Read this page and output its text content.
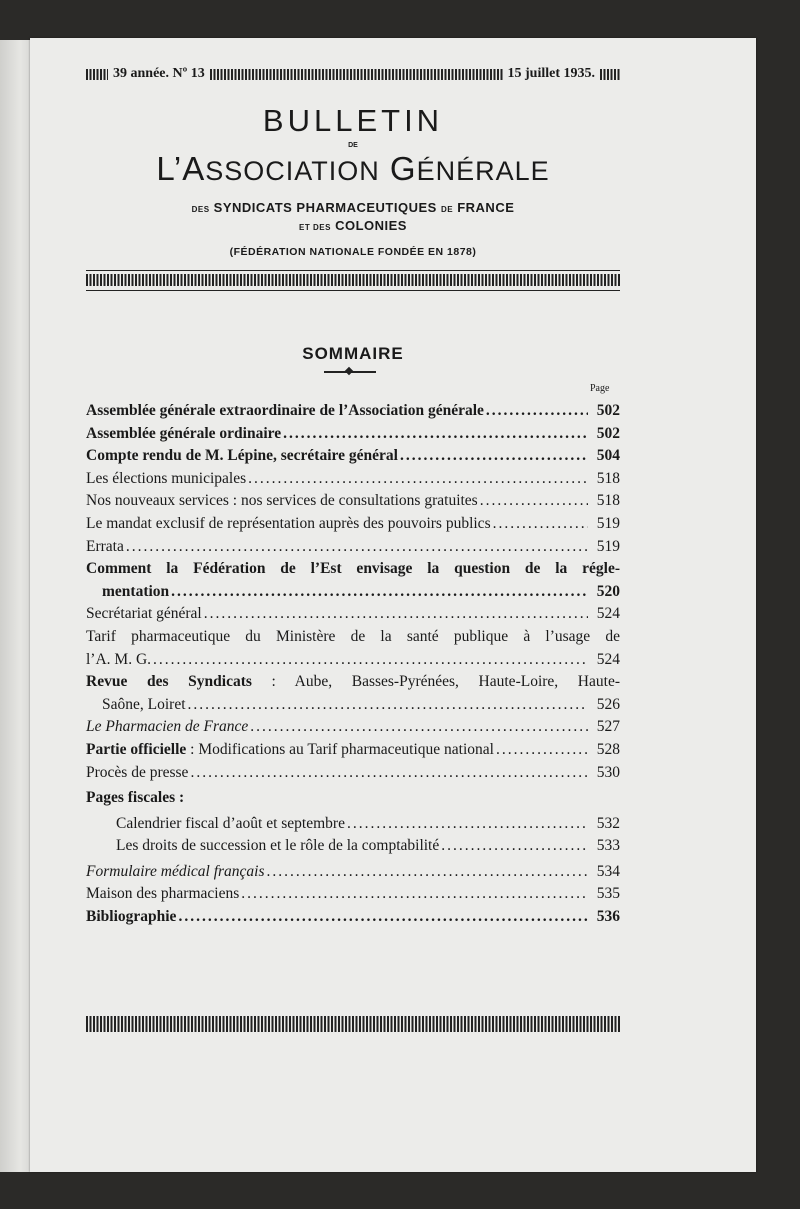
39 année. Nº 13	15 juillet 1935.
BULLETIN
DE
L’ASSOCIATION GÉNÉRALE
DES SYNDICATS PHARMACEUTIQUES DE FRANCE
ET DES COLONIES
(FÉDÉRATION NATIONALE FONDÉE EN 1878)
SOMMAIRE
Page
Assemblée générale extraordinaire de l’Association générale .....	502
Assemblée générale ordinaire .....	502
Compte rendu de M. Lépine, secrétaire général .....	504
Les élections municipales .....	518
Nos nouveaux services : nos services de consultations gratuites .....	518
Le mandat exclusif de représentation auprès des pouvoirs publics .....	519
Errata .....	519
Comment la Fédération de l’Est envisage la question de la régle-
mentation .....	520
Secrétariat général .....	524
Tarif pharmaceutique du Ministère de la santé publique à l’usage de
l’A. M. G. .....	524
Revue des Syndicats : Aube, Basses-Pyrénées, Haute-Loire, Haute-
Saône, Loiret .....	526
Le Pharmacien de France .....	527
Partie officielle : Modifications au Tarif pharmaceutique national .....	528
Procès de presse .....	530
Pages fiscales :
Calendrier fiscal d’août et septembre .....	532
Les droits de succession et le rôle de la comptabilité .....	533
Formulaire médical français .....	534
Maison des pharmaciens .....	535
Bibliographie .....	536
